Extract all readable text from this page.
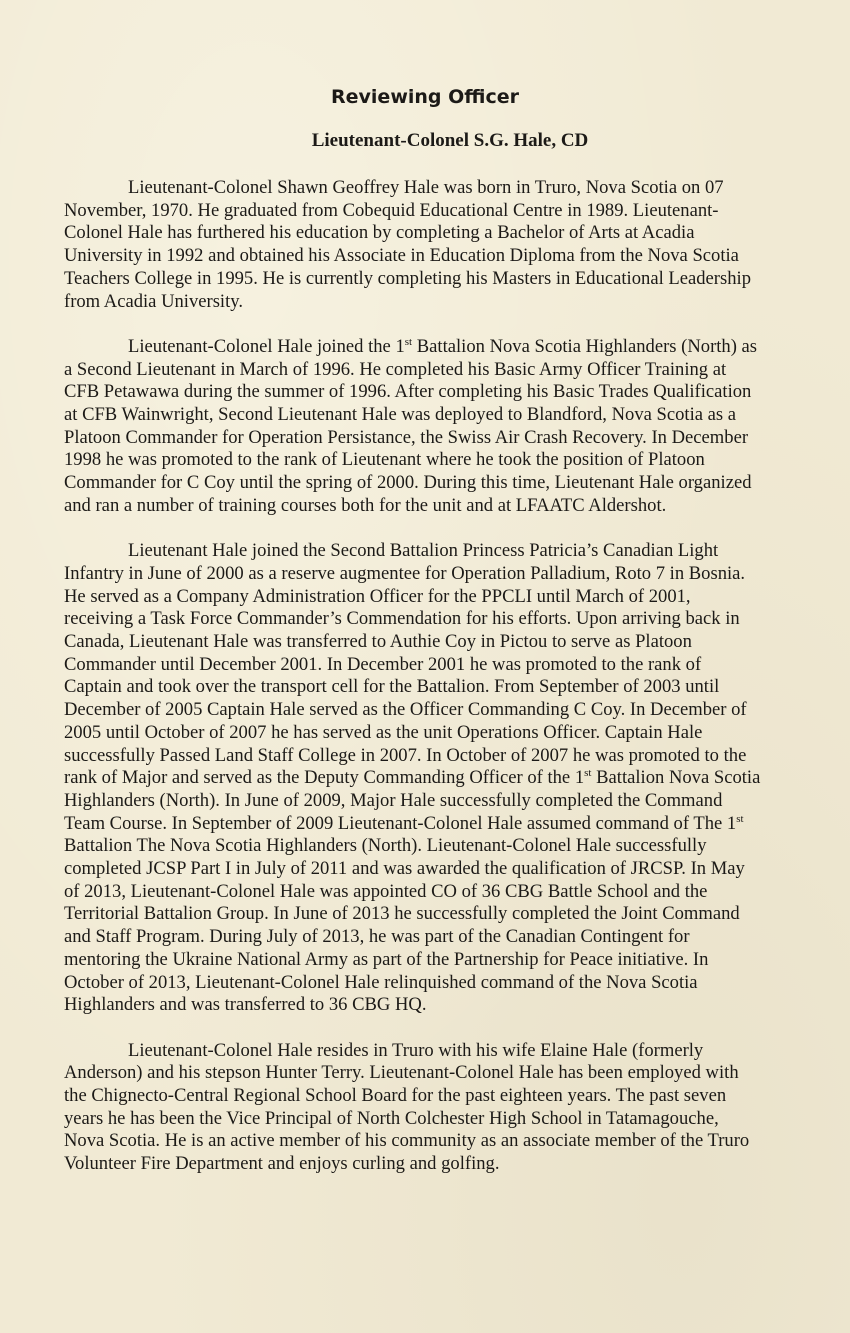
Reviewing Officer
Lieutenant-Colonel S.G. Hale, CD

Lieutenant-Colonel Shawn Geoffrey Hale was born in Truro, Nova Scotia on 07
November, 1970. He graduated from Cobequid Educational Centre in 1989. Lieutenant-
Colonel Hale has furthered his education by completing a Bachelor of Arts at Acadia
University in 1992 and obtained his Associate in Education Diploma from the Nova Scotia
Teachers College in 1995. He is currently completing his Masters in Educational Leadership
from Acadia University.

Lieutenant-Colonel Hale joined the 1st Battalion Nova Scotia Highlanders (North) as
a Second Lieutenant in March of 1996. He completed his Basic Army Officer Training at
CFB Petawawa during the summer of 1996. After completing his Basic Trades Qualification
at CFB Wainwright, Second Lieutenant Hale was deployed to Blandford, Nova Scotia as a
Platoon Commander for Operation Persistance, the Swiss Air Crash Recovery. In December
1998 he was promoted to the rank of Lieutenant where he took the position of Platoon
Commander for C Coy until the spring of 2000. During this time, Lieutenant Hale organized
and ran a number of training courses both for the unit and at LFAATC Aldershot.

Lieutenant Hale joined the Second Battalion Princess Patricia’s Canadian Light
Infantry in June of 2000 as a reserve augmentee for Operation Palladium, Roto 7 in Bosnia.
He served as a Company Administration Officer for the PPCLI until March of 2001,
receiving a Task Force Commander’s Commendation for his efforts. Upon arriving back in
Canada, Lieutenant Hale was transferred to Authie Coy in Pictou to serve as Platoon
Commander until December 2001. In December 2001 he was promoted to the rank of
Captain and took over the transport cell for the Battalion. From September of 2003 until
December of 2005 Captain Hale served as the Officer Commanding C Coy. In December of
2005 until October of 2007 he has served as the unit Operations Officer. Captain Hale
successfully Passed Land Staff College in 2007. In October of 2007 he was promoted to the
rank of Major and served as the Deputy Commanding Officer of the 1st Battalion Nova Scotia
Highlanders (North). In June of 2009, Major Hale successfully completed the Command
Team Course. In September of 2009 Lieutenant-Colonel Hale assumed command of The 1st
Battalion The Nova Scotia Highlanders (North). Lieutenant-Colonel Hale successfully
completed JCSP Part I in July of 2011 and was awarded the qualification of JRCSP. In May
of 2013, Lieutenant-Colonel Hale was appointed CO of 36 CBG Battle School and the
Territorial Battalion Group. In June of 2013 he successfully completed the Joint Command
and Staff Program. During July of 2013, he was part of the Canadian Contingent for
mentoring the Ukraine National Army as part of the Partnership for Peace initiative. In
October of 2013, Lieutenant-Colonel Hale relinquished command of the Nova Scotia
Highlanders and was transferred to 36 CBG HQ.

Lieutenant-Colonel Hale resides in Truro with his wife Elaine Hale (formerly
Anderson) and his stepson Hunter Terry. Lieutenant-Colonel Hale has been employed with
the Chignecto-Central Regional School Board for the past eighteen years. The past seven
years he has been the Vice Principal of North Colchester High School in Tatamagouche,
Nova Scotia. He is an active member of his community as an associate member of the Truro
Volunteer Fire Department and enjoys curling and golfing.
